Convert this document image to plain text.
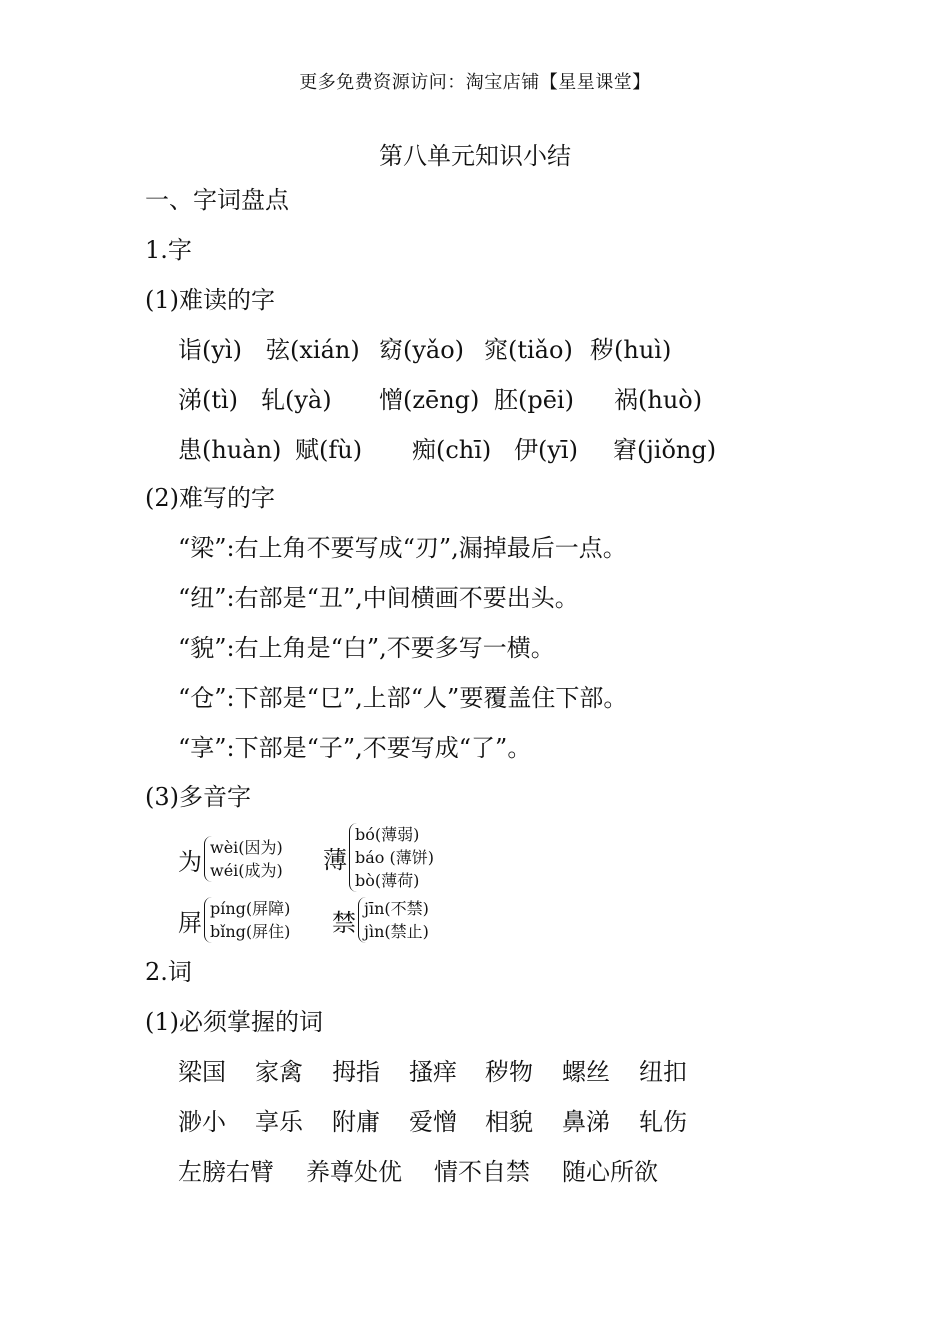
更多免费资源访问：淘宝店铺【星星课堂】
第八单元知识小结
一、字词盘点
1.字
(1)难读的字
诣(yì) 弦(xián) 窈(yǎo) 窕(tiǎo) 秽(huì)
涕(tì) 轧(yà) 憎(zēng) 胚(pēi) 祸(huò)
患(huàn) 赋(fù) 痴(chī) 伊(yī) 窘(jiǒng)
(2)难写的字
“梁”:右上角不要写成“刃”,漏掉最后一点。
“纽”:右部是“丑”,中间横画不要出头。
“貌”:右上角是“白”,不要多写一横。
“仓”:下部是“㔾”,上部“人”要覆盖住下部。
“享”:下部是“子”,不要写成“了”。
(3)多音字
为 wèi(因为)
wéi(成为) 薄
bó(薄弱)
báo (薄饼)
bò(薄荷)
屏 píng(屏障)
bǐng(屏住) 禁 jīn(不禁)
jìn(禁止)
2.词
(1)必须掌握的词
梁国 家禽 拇指 搔痒 秽物 螺丝 纽扣
渺小 享乐 附庸 爱憎 相貌 鼻涕 轧伤
左膀右臂 养尊处优 情不自禁 随心所欲
